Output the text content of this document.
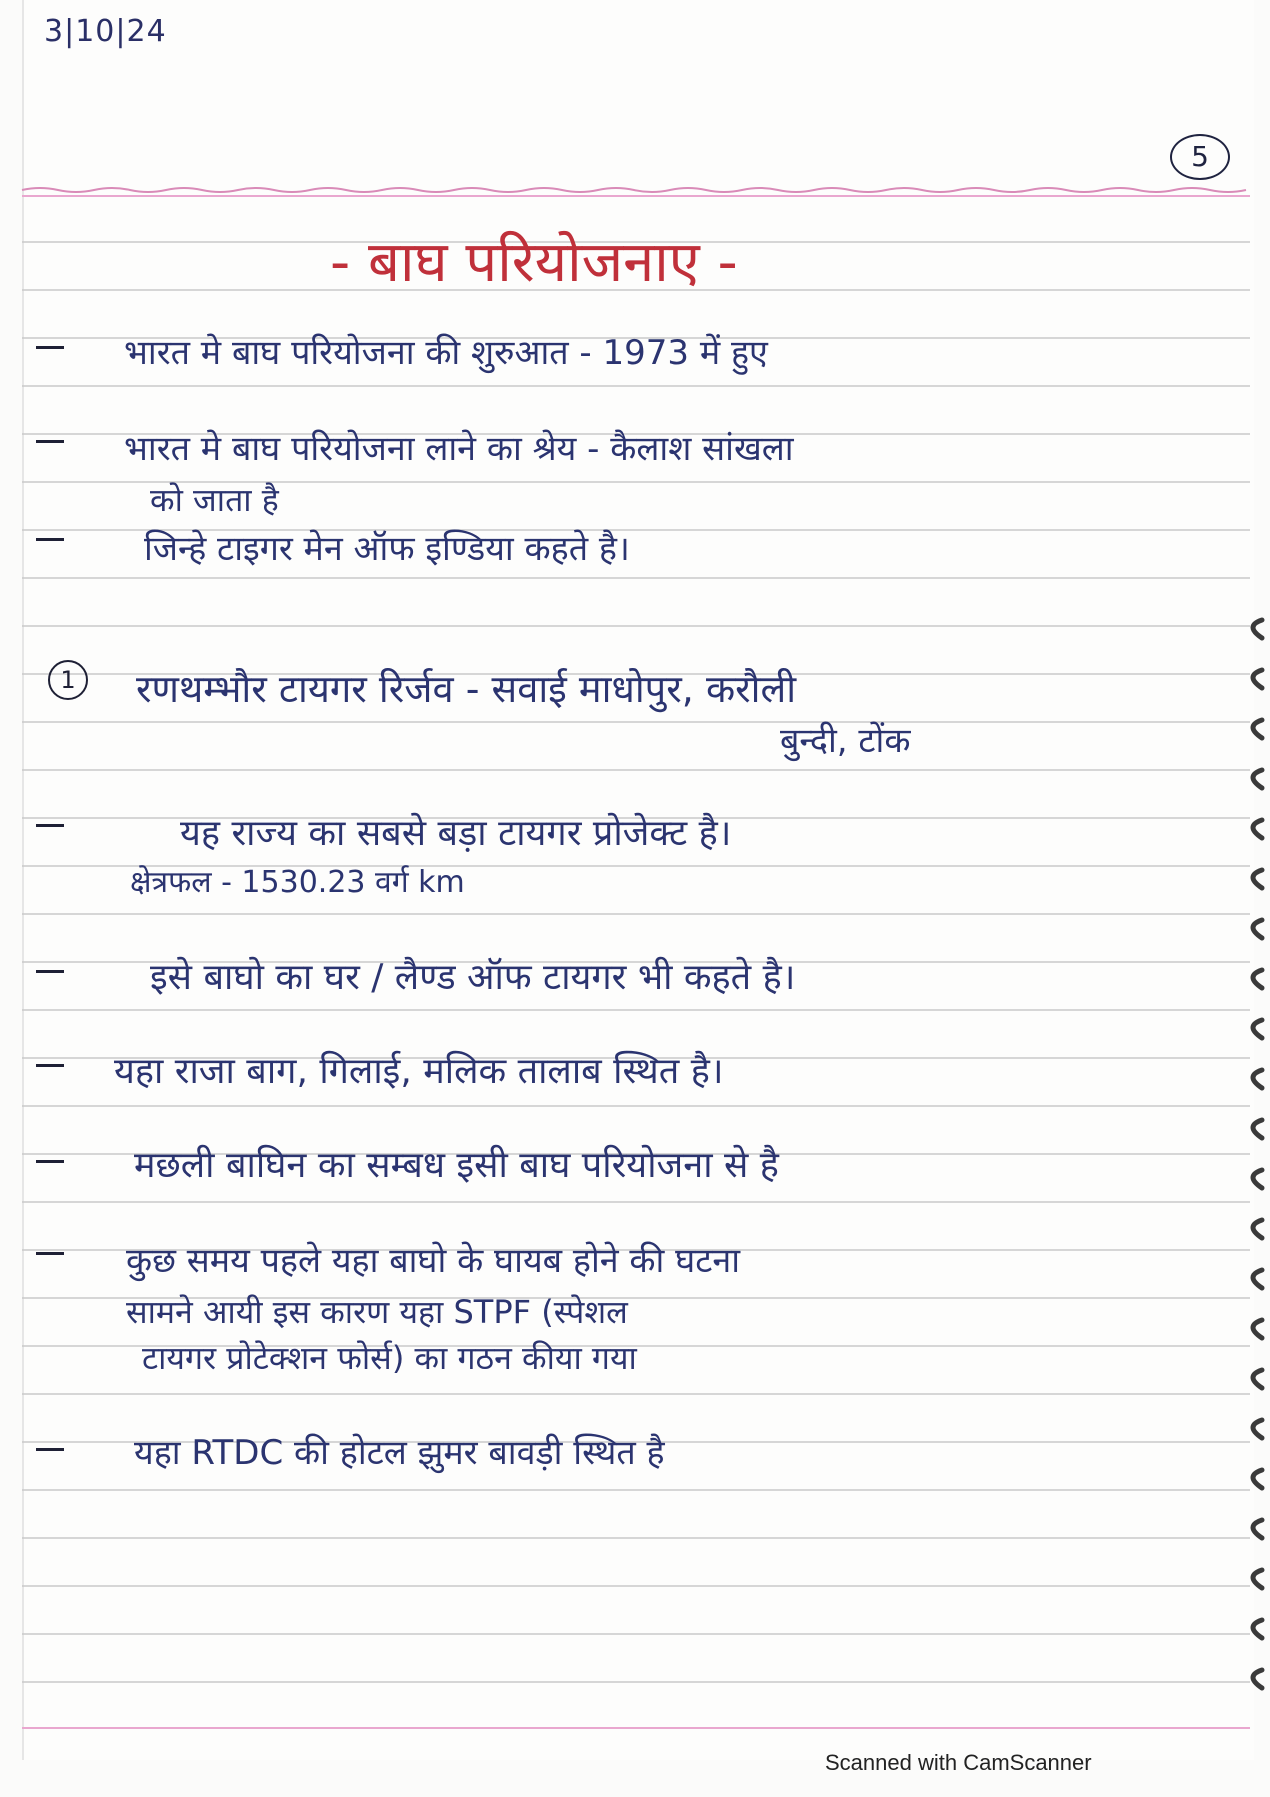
3|10|24
5
- बाघ परियोजनाए -
1
भारत मे बाघ परियोजना की शुरुआत - 1973 में हुए
भारत मे बाघ परियोजना लाने का श्रेय - कैलाश सांखला
को जाता है
जिन्हे टाइगर मेन ऑफ इण्डिया कहते है।
रणथम्भौर टायगर रिर्जव - सवाई माधोपुर, करौली
बुन्दी, टोंक
यह राज्य का सबसे बड़ा टायगर प्रोजेक्ट है।
क्षेत्रफल - 1530.23 वर्ग km
इसे बाघो का घर / लैण्ड ऑफ टायगर भी कहते है।
यहा राजा बाग, गिलाई, मलिक तालाब स्थित है।
मछली बाघिन का सम्बध इसी बाघ परियोजना से है
कुछ समय पहले यहा बाघो के घायब होने की घटना
सामने आयी इस कारण यहा STPF (स्पेशल
टायगर प्रोटेक्शन फोर्स) का गठन कीया गया
यहा RTDC की होटल झुमर बावड़ी स्थित है
Scanned with CamScanner
